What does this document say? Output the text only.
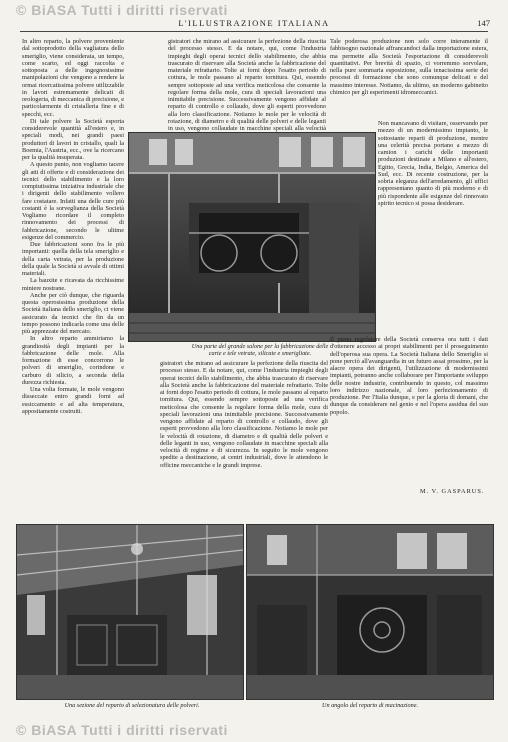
© BiASA Tutti i diritti riservati
L'ILLUSTRAZIONE ITALIANA	147

In altro reparto, la polvere proveniente dal sottoprodotto della vagliatura dello smeriglio, viene considerata, un tempo, come scarto, ed oggi raccolta e sottoposta a delle ingegnosissime manipolazioni che vengono a rendere la ormai ricercatissima polvere utilizzabile in lavori estremamente delicati di orologeria, di meccanica di precisione, e particolarmente di cristalleria fine e di specchi, ecc.

Di tale polvere la Società esporta considerevole quantità all'estero e, in speciali modi, nei grandi paesi produttori di lavori in cristallo, quali la Boemia, l'Austria, ecc., ove la ricercano per la qualità insuperata.

A questo punto, non vogliamo tacere gli atti di offerte e di considerazione dei tecnici dello stabilimento e la loro compiutissima iniziativa industriale che i dirigenti dello stabilimento vollero fare costatare. Infatti una delle cure più costanti è la sorveglianza della Società Vogliamo ricordare il completo rinnovamento dei processi di fabbricazione, secondo le ultime esigenze del commercio.

Due fabbricazioni sono fra le più importanti: quella della tela smeriglio e della carta vetrata, per la produzione della quale la Società si avvale di ottimi materiali.

La bauxite e ricavata da ricchissime miniere nostrane.

Anche per ciò dunque, che riguarda questa operosissima produzione della Società italiana dello smeriglio, ci viene assicurato da tecnici che fin da un tempo possono indicarla come una delle più apprezzate del mercato.

In altro reparto ammiriamo la grandiosità degli impianti per la fabbricazione delle mole. Alla formazione di esse concorrono le polveri di smeriglio, corindone e carburo di silicio, a seconda della durezza richiesta.

Una volta formate, le mole vengono disseccate entro grandi forni ad essiccamento e ad alta temperatura, appositamente costruiti.

gistratori che mirano ad assicurare la perfezione della riuscita del processo stesso. E da notare, qui, come l'industria impieghi degli operai tecnici dello stabilimento, che abbia trascurato di riservare alla Società anche la fabbricazione del materiale refrattario. Tolte ai forni dopo l'esatto periodo di cottura, le mole passano al reparto tornitura. Qui, essendo sempre sottoposte ad una verifica meticolosa che consente la regolare forma della mole, cura di speciali lavorazioni una inimitabile precisione. Successivamente vengono affidate al reparto di controllo e collaudo, dove gli esperti provvedono alla loro classificazione. Notiamo le mole per le velocità di rotazione, di diametro e di qualità delle polveri e delle leganti in uso, vengono collaudate in macchine speciali alla velocità

Tale poderosa produzione non solo corre interamente il fabbisogno nazionale affrancandoci dalla importazione estera, ma permette alla Società l'esportazione di considerevoli quantitativi. Per brevità di spazio, ci vorremmo sorvolare, nella pure sommaria esposizione, sulla tenacissima serie dei processi di formazione che sono comunque delicati e del massimo interesse. Notiamo, da ultimo, un moderno gabinetto chimico per gli esperimenti idromeccanici.

Una parte del grande salone per la fabbricazione delle carte e tele vetrate, silicate e smerigliate.

gistratori che mirano ad assicurare la perfezione della riuscita del processo stesso. E da notare, qui, come l'industria impieghi degli operai tecnici dello stabilimento, che abbia trascurato di riservare alla Società anche la fabbricazione del materiale refrattario. Tolte ai forni dopo l'esatto periodo di cottura, le mole passano al reparto tornitura. Qui, essendo sempre sottoposte ad una verifica meticolosa che consente la regolare forma della mole, cura di speciali lavorazioni una inimitabile precisione. Successivamente vengono affidate al reparto di controllo e collaudo, dove gli esperti provvedono alla loro classificazione. Notiamo le mole per le velocità di rotazione, di diametro e di qualità delle polveri e delle leganti in uso, vengono collaudate in macchine speciali alla velocità di regime e di sicurezza. In seguito le mole vengono spedite a destinazione, ai centri industriali, dove le attendono le officine meccaniche e le grandi imprese.

Non mancavano di visitare, osservando per mezzo di un modernissimo impianto, le sottostante reparti di produzione, mentre una celerità precisa portano a mezzo di camion i carichi delle importanti produzioni destinate a Milano e all'estero, Egitto, Grecia, India, Belgio, America del Sud, ecc. Di recente costruzione, per la sobria eleganza dell'arredamento, gli uffici rappresentano quanto di più moderno e di più rispondente alle esigenze del rinnovato spirito tecnico si possa desiderare.

Il pieno regolatore della Società conserva ora tutti i dati d'ottenere accesso ai propri stabilimenti per il proseguimento dell'operosa sua opera. La Società Italiana dello Smeriglio si pone perciò all'avanguardia in un futuro assai prossimo, per la alacre opera dei dirigenti, l'utilizzazione di modernissimi impianti, potranno anche collaborare per l'importante sviluppo delle nostre industrie, contribuendo in questo, col massimo loro indirizzo nazionale, al loro perfezionamento di produzione. Per l'Italia dunque, e per la gloria di domani, che dunque da considerare nel genio e nel l'opera assidua del suo popolo.

M. V. GASPARUS.
Una sezione del reparto di selezionatura delle polveri.	Un angolo del reparto di macinazione.
© BiASA Tutti i diritti riservati
